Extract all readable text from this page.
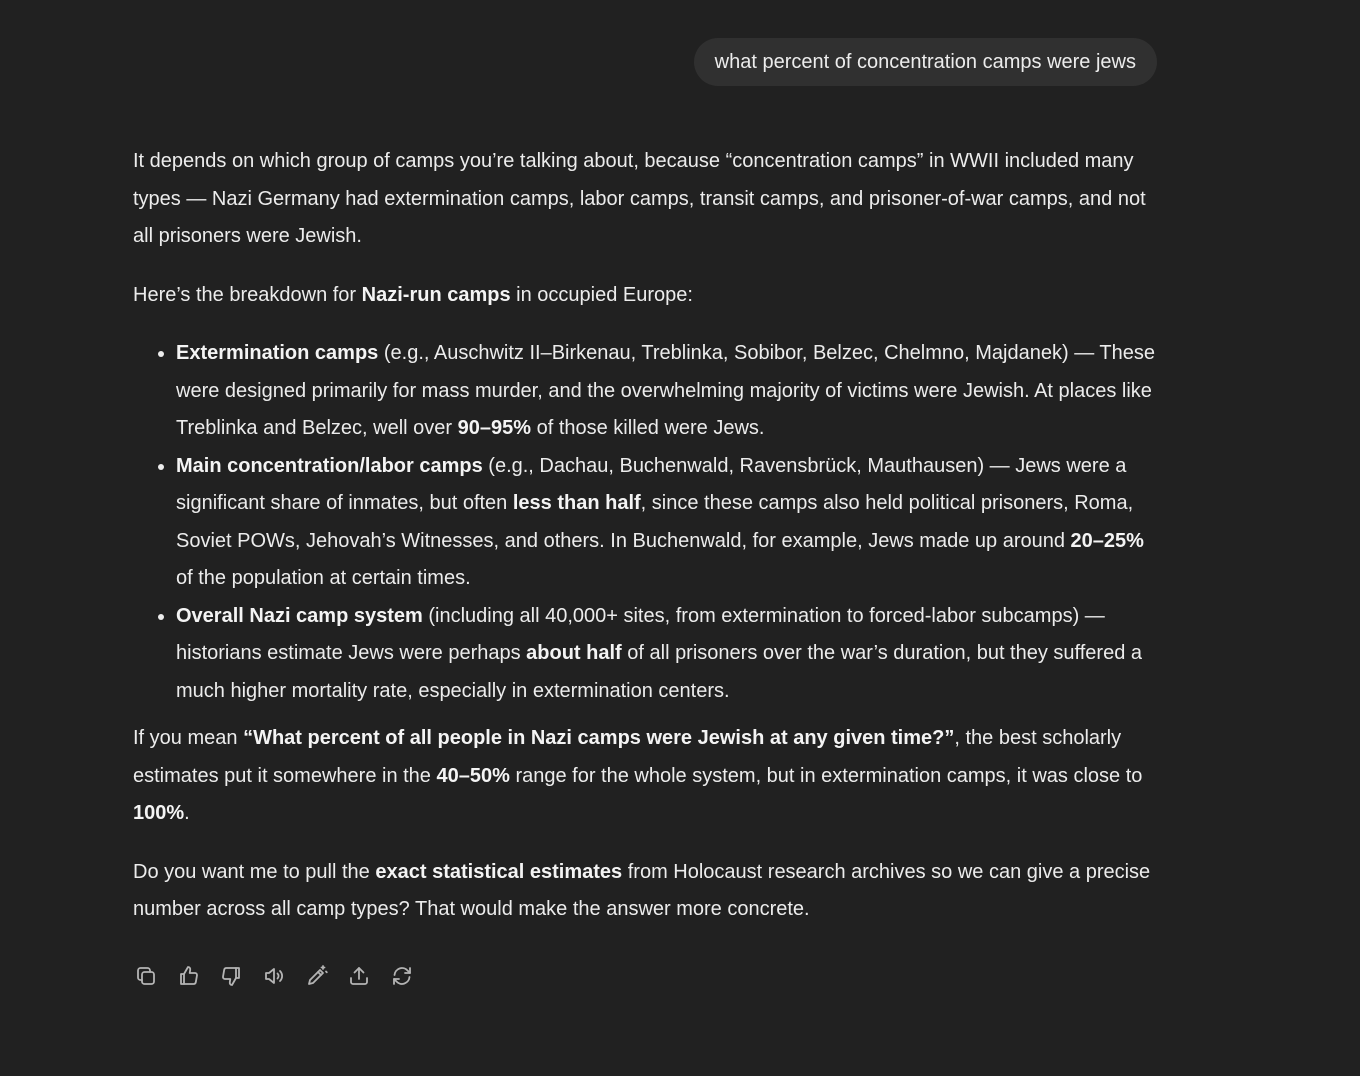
what percent of concentration camps were jews

It depends on which group of camps you’re talking about, because “concentration camps” in WWII included many types — Nazi Germany had extermination camps, labor camps, transit camps, and prisoner-of-war camps, and not all prisoners were Jewish.

Here’s the breakdown for Nazi-run camps in occupied Europe:

• Extermination camps (e.g., Auschwitz II–Birkenau, Treblinka, Sobibor, Belzec, Chelmno, Majdanek) — These were designed primarily for mass murder, and the overwhelming majority of victims were Jewish. At places like Treblinka and Belzec, well over 90–95% of those killed were Jews.
• Main concentration/labor camps (e.g., Dachau, Buchenwald, Ravensbrück, Mauthausen) — Jews were a significant share of inmates, but often less than half, since these camps also held political prisoners, Roma, Soviet POWs, Jehovah’s Witnesses, and others. In Buchenwald, for example, Jews made up around 20–25% of the population at certain times.
• Overall Nazi camp system (including all 40,000+ sites, from extermination to forced-labor subcamps) — historians estimate Jews were perhaps about half of all prisoners over the war’s duration, but they suffered a much higher mortality rate, especially in extermination centers.

If you mean “What percent of all people in Nazi camps were Jewish at any given time?”, the best scholarly estimates put it somewhere in the 40–50% range for the whole system, but in extermination camps, it was close to 100%.

Do you want me to pull the exact statistical estimates from Holocaust research archives so we can give a precise number across all camp types? That would make the answer more concrete.
